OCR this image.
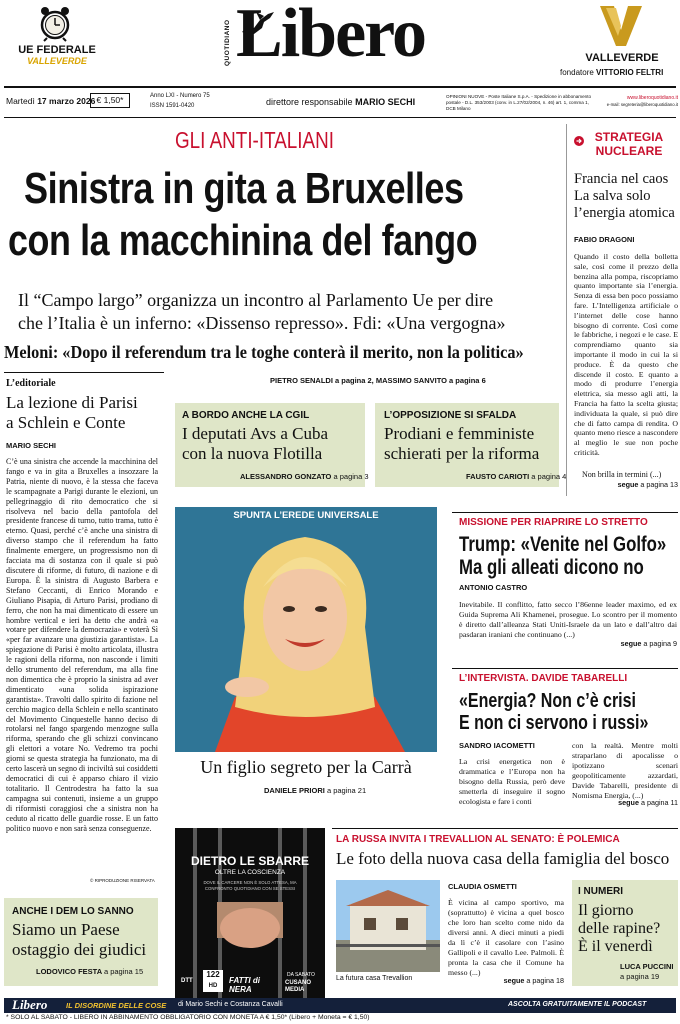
UE FEDERALE
VALLEVERDE	QUOTIDIANO Libero	VALLEVERDE
fondatore VITTORIO FELTRI
Martedì 17 marzo 2026 € 1,50*	Anno LXI - Numero 75
ISSN 1591-0420	direttore responsabile MARIO SECHI
OPINIONI NUOVE - Poste Italiane S.p.A. - Spedizione in abbonamento postale - D.L. 353/2003 (conv. in L.27/02/2004, n. 46) art. 1, comma 1, DCB Milano
www.liberoquotidiano.it
e-mail: segreteria@liberoquotidiano.it
GLI ANTI-ITALIANI
Sinistra in gita a Bruxelles
con la macchinina del fango
Il “Campo largo” organizza un incontro al Parlamento Ue per dire
che l’Italia è un inferno: «Dissenso represso». Fdi: «Una vergogna»
Meloni: «Dopo il referendum tra le toghe conterà il merito, non la politica»
PIETRO SENALDI a pagina 2, MASSIMO SANVITO a pagina 6
L’editoriale
La lezione di Parisi
a Schlein e Conte
MARIO SECHI
C’è una sinistra che accende la macchinina del fango e va in gita a Bruxelles a insozzare la Patria, niente di nuovo, è la stessa che faceva le scampagnate a Parigi durante le elezioni, un pellegrinaggio di rito democratico che si risolveva nel bacio della pantofola del presidente francese di turno, tutto trama, tutto è eterno. Quasi, perché c’è anche una sinistra di diverso stampo che il referendum ha fatto finalmente emergere, un progressismo non di facciata ma di sostanza con il quale si può discutere di riforme, di futuro, di nazione e di Europa. È la sinistra di Augusto Barbera e Stefano Ceccanti, di Enrico Morando e Giuliano Pisapia, di Arturo Parisi, prodiano di ferro, che non ha mai dimenticato di essere un hombre vertical e ieri ha detto che andrà «a votare per difendere la democrazia» e voterà Sì «per far avanzare una giustizia garantista». La spiegazione di Parisi è molto articolata, illustra le ragioni della riforma, non nasconde i limiti dello strumento del referendum, ma alla fine non dimentica che è proprio la sinistra ad aver dimenticato «una solida ispirazione garantista». Travolti dallo spirito di fazione nel cerchio magico della Schlein e nello scantinato del Movimento Cinquestelle hanno deciso di rotolarsi nel fango spargendo menzogne sulla riforma, sperando che gli schizzi convincano gli elettori a votare No. Vedremo tra pochi giorni se questa strategia ha funzionato, ma di certo lascerà un segno di inciviltà sui cosiddetti democratici di cui è apparso chiaro il vizio totalitario. Il Centrodestra ha fatto la sua campagna sui contenuti, insieme a un gruppo di riformisti coraggiosi che a sinistra non ha ceduto al ricatto delle guardie rosse. E un fatto politico nuovo e non sarà senza conseguenze.
© RIPRODUZIONE RISERVATA
ANCHE I DEM LO SANNO
Siamo un Paese
ostaggio dei giudici
LODOVICO FESTA a pagina 15
A BORDO ANCHE LA CGIL
I deputati Avs a Cuba
con la nuova Flotilla
ALESSANDRO GONZATO a pagina 3
L’OPPOSIZIONE SI SFALDA
Prodiani e femministe
schierati per la riforma
FAUSTO CARIOTI a pagina 4
STRATEGIA NUCLEARE
Francia nel caos
La salva solo
l’energia atomica
FABIO DRAGONI
Quando il costo della bolletta sale, così come il prezzo della benzina alla pompa, riscopriamo quanto importante sia l’energia. Senza di essa ben poco possiamo fare. L’Intelligenza artificiale o l’internet delle cose hanno bisogno di corrente. Così come le fabbriche, i negozi e le case. E comprendiamo quanto sia importante il modo in cui la si produce. È da questo che discende il costo. E quanto a modo di produrre l’energia elettrica, sia messo agli atti, la Francia ha fatto la scelta giusta; individuata la quale, si può dire che di fatto campa di rendita. O quanto meno riesce a nascondere al meglio le sue non poche criticità.
Non brilla in termini (...)
segue a pagina 13
SPUNTA L’EREDE UNIVERSALE
Un figlio segreto per la Carrà
DANIELE PRIORI a pagina 21
MISSIONE PER RIAPRIRE LO STRETTO
Trump: «Venite nel Golfo»
Ma gli alleati dicono no
ANTONIO CASTRO
Inevitabile. Il conflitto, fatto secco l’86enne leader maximo, ed ex Guida Suprema Ali Khamenei, prosegue. Lo scontro per il momento è diretto dall’alleanza Stati Uniti-Israele da un lato e dall’altro dai pasdaran iraniani che continuano (...)
segue a pagina 9
L’INTERVISTA. DAVIDE TABARELLI
«Energia? Non c’è crisi
E non ci servono i russi»
SANDRO IACOMETTI
La crisi energetica non è drammatica e l’Europa non ha bisogno della Russia, però deve smetterla di inseguire il sogno ecologista e fare i conti
con la realtà. Mentre molti straparlano di apocalisse o ipotizzano scenari geopoliticamente azzardati, Davide Tabarelli, presidente di Nomisma Energia, (...)
segue a pagina 11
DIETRO LE SBARRE
OLTRE LA COSCIENZA
DOVE IL CARCERE NON È SOLO ATTESA, MA CONFRONTO QUOTIDIANO CON SE STESSI
DTT
122
HD
FATTI di NERA
DA SABATO
CUSANO MEDIA
LA RUSSA INVITA I TREVALLION AL SENATO: È POLEMICA
Le foto della nuova casa della famiglia del bosco
La futura casa Trevallion
CLAUDIA OSMETTI
È vicina al campo sportivo, ma (soprattutto) è vicina a quel bosco che loro han scelto come nido da diversi anni. A dieci minuti a piedi da lì c’è il casolare con l’asino Gallipoli e il cavallo Lee. Palmoli. È pronta la casa che il Comune ha messo (...)
segue a pagina 18
I NUMERI
Il giorno
delle rapine?
È il venerdì
LUCA PUCCINI
a pagina 19
Libero IL DISORDINE DELLE COSE di Mario Sechi e Costanza Cavalli	ASCOLTA GRATUITAMENTE IL PODCAST
* SOLO AL SABATO - LIBERO IN ABBINAMENTO OBBLIGATORIO CON MONETA A € 1,50* (Libero + Moneta = € 1,50)
